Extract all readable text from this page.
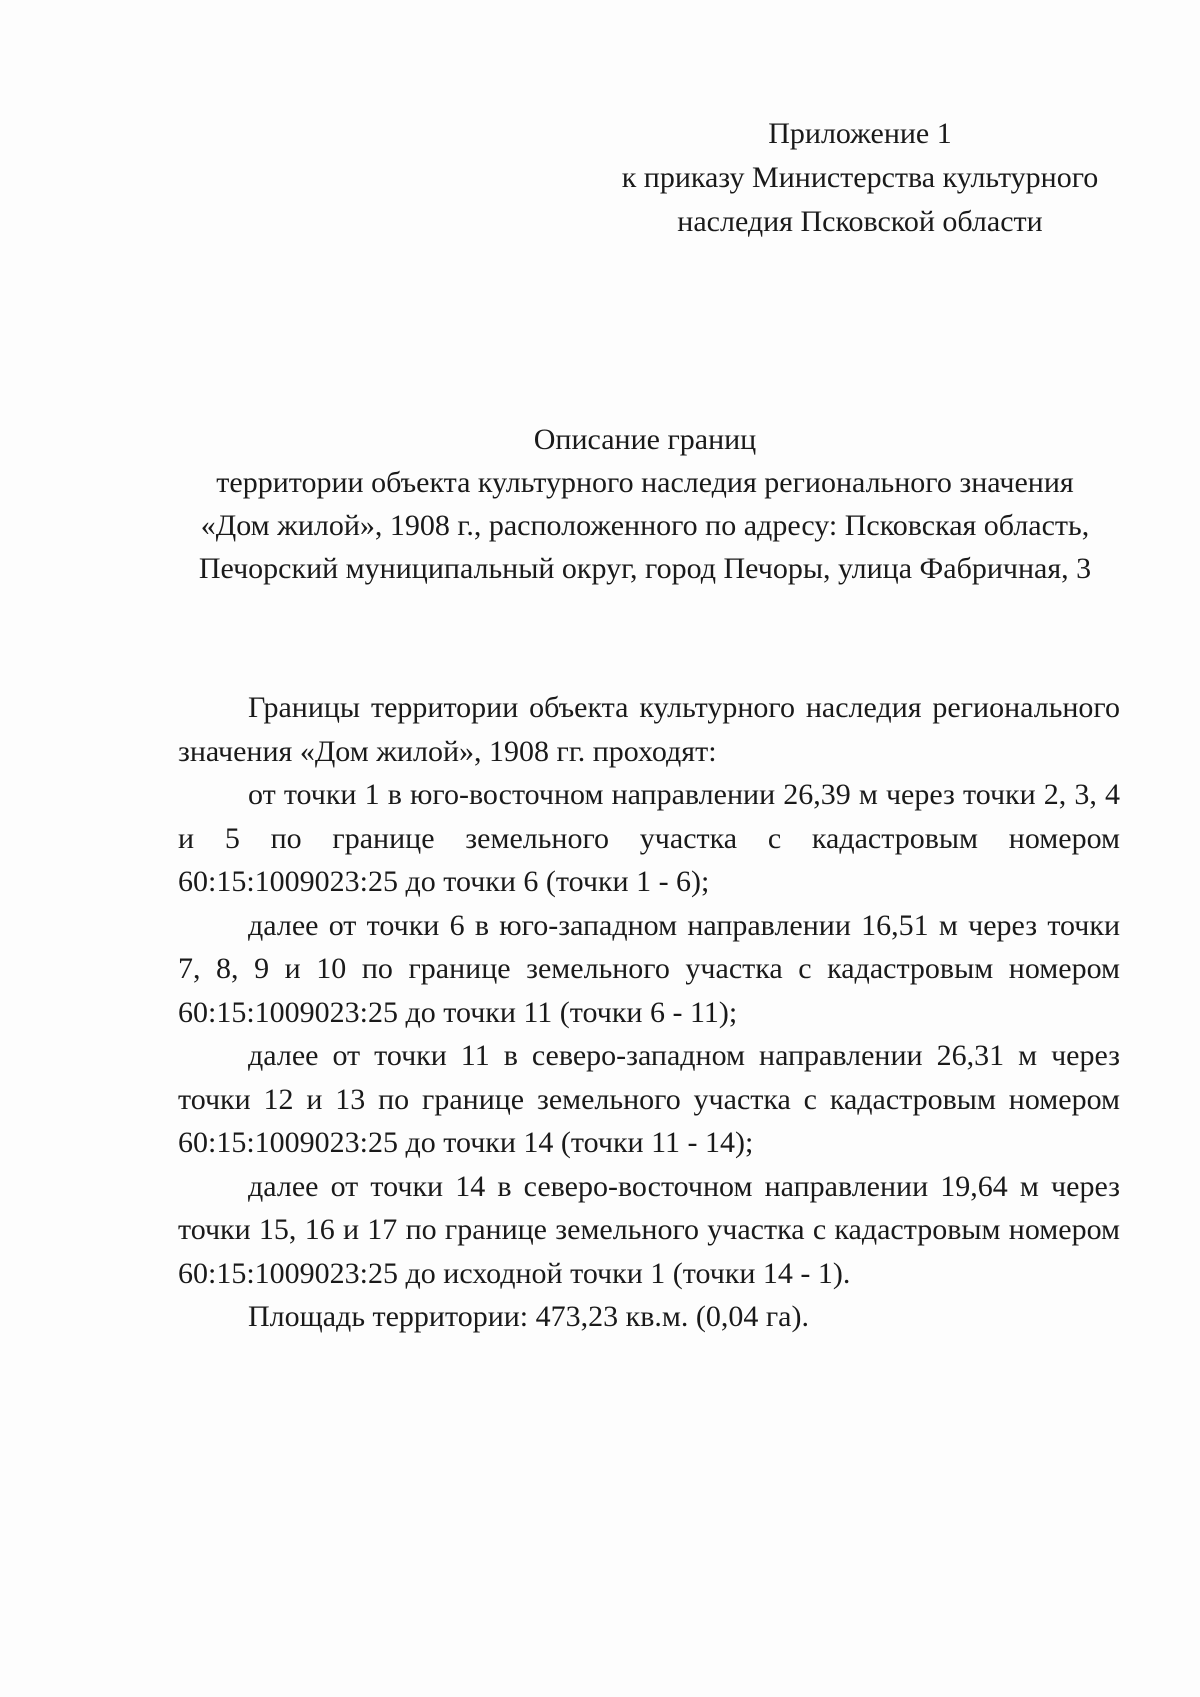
Приложение 1
к приказу Министерства культурного
наследия Псковской области
Описание границ
территории объекта культурного наследия регионального значения
«Дом жилой», 1908 г., расположенного по адресу: Псковская область,
Печорский муниципальный округ, город Печоры, улица Фабричная, 3

Границы территории объекта культурного наследия регионального значения «Дом жилой», 1908 гг. проходят:

от точки 1 в юго-восточном направлении 26,39 м через точки 2, 3, 4 и 5 по границе земельного участка с кадастровым номером 60:15:1009023:25 до точки 6 (точки 1 - 6);

далее от точки 6 в юго-западном направлении 16,51 м через точки 7, 8, 9 и 10 по границе земельного участка с кадастровым номером 60:15:1009023:25 до точки 11 (точки 6 - 11);

далее от точки 11 в северо-западном направлении 26,31 м через точки 12 и 13 по границе земельного участка с кадастровым номером 60:15:1009023:25 до точки 14 (точки 11 - 14);

далее от точки 14 в северо-восточном направлении 19,64 м через точки 15, 16 и 17 по границе земельного участка с кадастровым номером 60:15:1009023:25 до исходной точки 1 (точки 14 - 1).

Площадь территории: 473,23 кв.м. (0,04 га).
